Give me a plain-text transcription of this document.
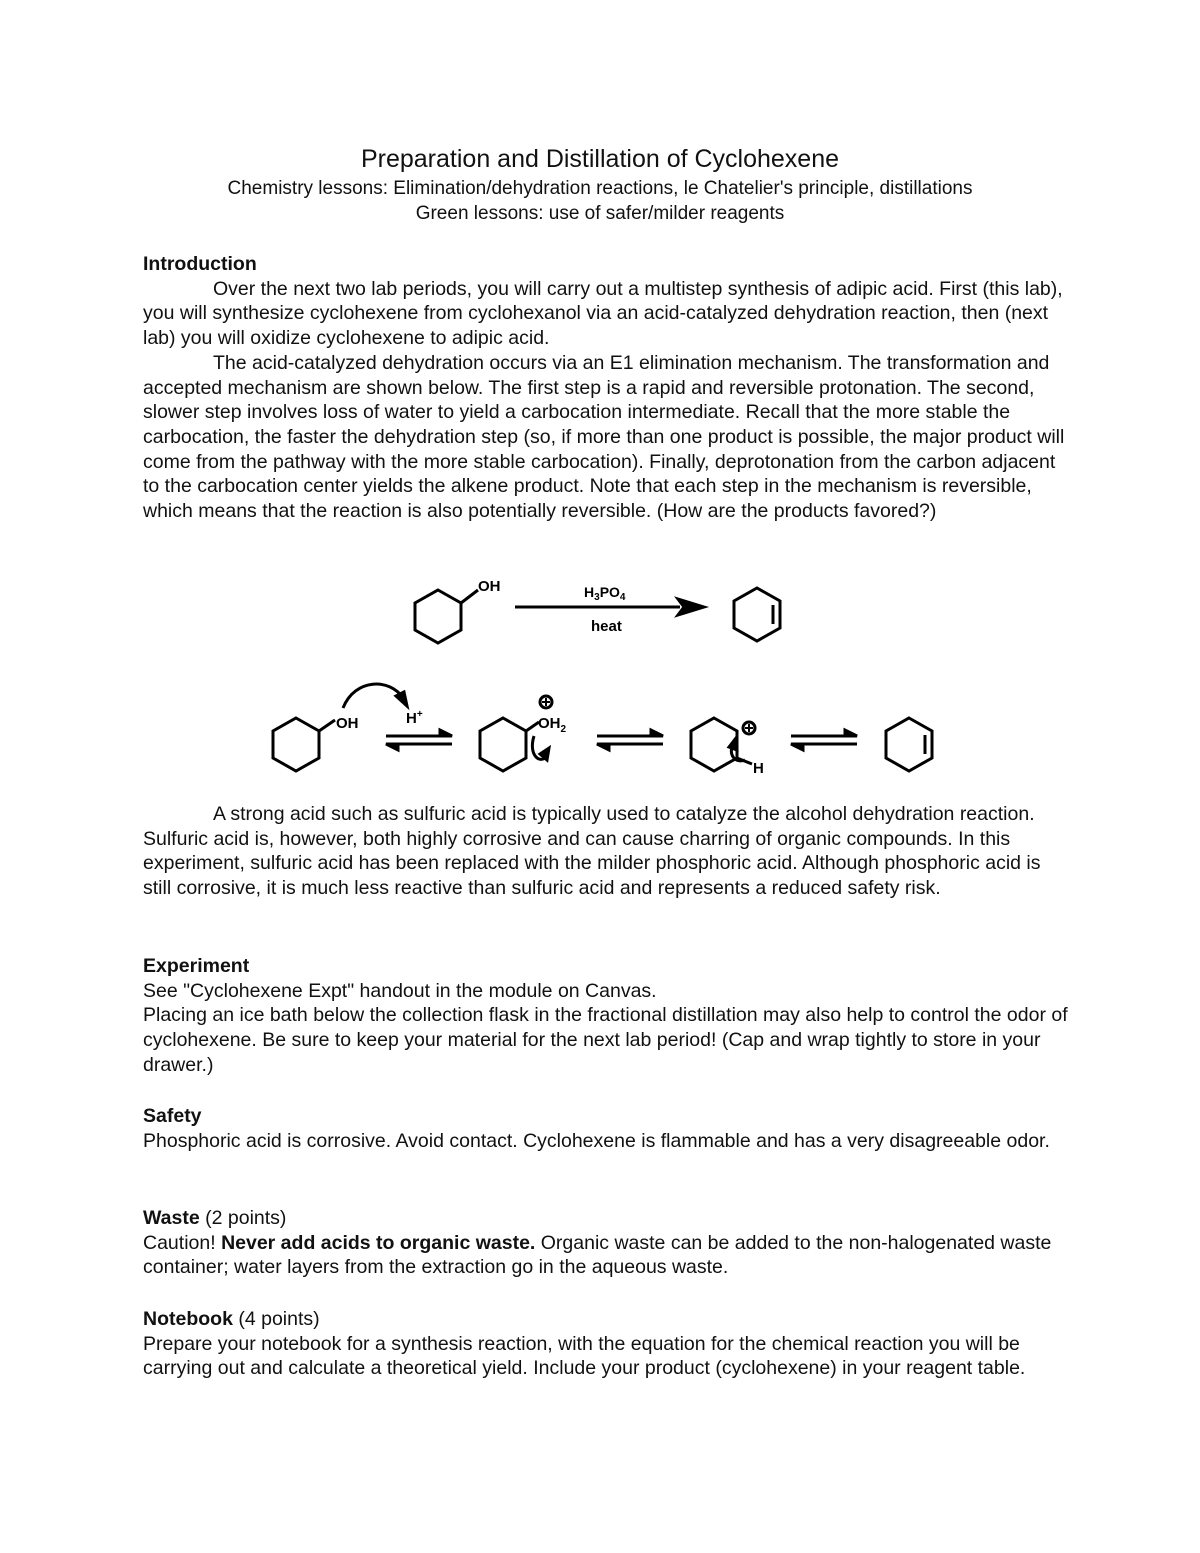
Preparation and Distillation of Cyclohexene
Chemistry lessons: Elimination/dehydration reactions, le Chatelier's principle, distillations
Green lessons: use of safer/milder reagents
Introduction

Over the next two lab periods, you will carry out a multistep synthesis of adipic acid. First (this lab), you will synthesize cyclohexene from cyclohexanol via an acid-catalyzed dehydration reaction, then (next lab) you will oxidize cyclohexene to adipic acid.

The acid-catalyzed dehydration occurs via an E1 elimination mechanism. The transformation and accepted mechanism are shown below. The first step is a rapid and reversible protonation. The second, slower step involves loss of water to yield a carbocation intermediate. Recall that the more stable the carbocation, the faster the dehydration step (so, if more than one product is possible, the major product will come from the pathway with the more stable carbocation). Finally, deprotonation from the carbon adjacent to the carbocation center yields the alkene product. Note that each step in the mechanism is reversible, which means that the reaction is also potentially reversible. (How are the products favored?)

OH	$H_3PO_4$
heat
OH	H+
$OH_2$
H

A strong acid such as sulfuric acid is typically used to catalyze the alcohol dehydration reaction. Sulfuric acid is, however, both highly corrosive and can cause charring of organic compounds. In this experiment, sulfuric acid has been replaced with the milder phosphoric acid. Although phosphoric acid is still corrosive, it is much less reactive than sulfuric acid and represents a reduced safety risk.

Experiment

See "Cyclohexene Expt" handout in the module on Canvas.

Placing an ice bath below the collection flask in the fractional distillation may also help to control the odor of cyclohexene. Be sure to keep your material for the next lab period! (Cap and wrap tightly to store in your drawer.)

Safety

Phosphoric acid is corrosive. Avoid contact. Cyclohexene is flammable and has a very disagreeable odor.

Waste (2 points)

Caution! Never add acids to organic waste. Organic waste can be added to the non-halogenated waste container; water layers from the extraction go in the aqueous waste.

Notebook (4 points)

Prepare your notebook for a synthesis reaction, with the equation for the chemical reaction you will be carrying out and calculate a theoretical yield. Include your product (cyclohexene) in your reagent table.
